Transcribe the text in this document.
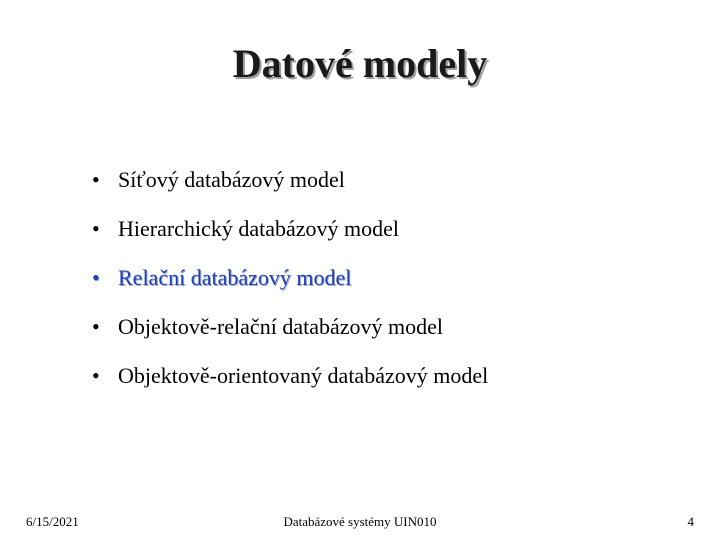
Datové modely
• Síťový databázový model
• Hierarchický databázový model
• Relační databázový model
• Objektově-relační databázový model
• Objektově-orientovaný databázový model
6/15/2021	Databázové systémy UIN010	4
